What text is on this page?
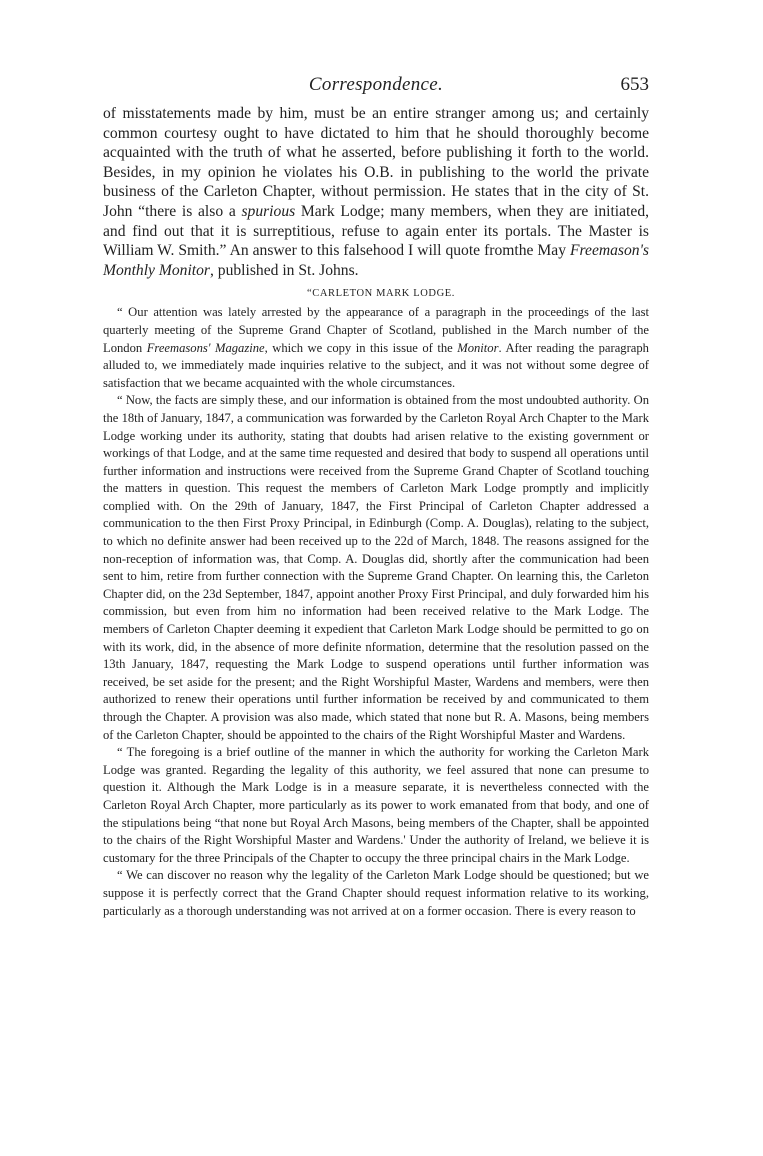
Correspondence.	653

of misstatements made by him, must be an entire stranger among us; and certainly common courtesy ought to have dictated to him that he should thoroughly become acquainted with the truth of what he asserted, before publishing it forth to the world. Besides, in my opinion he violates his O.B. in publishing to the world the private business of the Carleton Chapter, without permission. He states that in the city of St. John “there is also a spurious Mark Lodge; many members, when they are initiated, and find out that it is surreptitious, refuse to again enter its portals. The Master is William W. Smith.” An answer to this falsehood I will quote fromthe May Freemason's Monthly Monitor, published in St. Johns.

“CARLETON MARK LODGE.

“ Our attention was lately arrested by the appearance of a paragraph in the proceedings of the last quarterly meeting of the Supreme Grand Chapter of Scotland, published in the March number of the London Freemasons' Magazine, which we copy in this issue of the Monitor. After reading the paragraph alluded to, we immediately made inquiries relative to the subject, and it was not without some degree of satisfaction that we became acquainted with the whole circumstances.

“ Now, the facts are simply these, and our information is obtained from the most undoubted authority. On the 18th of January, 1847, a communication was forwarded by the Carleton Royal Arch Chapter to the Mark Lodge working under its authority, stating that doubts had arisen relative to the existing government or workings of that Lodge, and at the same time requested and desired that body to suspend all operations until further information and instructions were received from the Supreme Grand Chapter of Scotland touching the matters in question. This request the members of Carleton Mark Lodge promptly and implicitly complied with. On the 29th of January, 1847, the First Principal of Carleton Chapter addressed a communication to the then First Proxy Principal, in Edinburgh (Comp. A. Douglas), relating to the subject, to which no definite answer had been received up to the 22d of March, 1848. The reasons assigned for the non-reception of information was, that Comp. A. Douglas did, shortly after the communication had been sent to him, retire from further connection with the Supreme Grand Chapter. On learning this, the Carleton Chapter did, on the 23d September, 1847, appoint another Proxy First Principal, and duly forwarded him his commission, but even from him no information had been received relative to the Mark Lodge. The members of Carleton Chapter deeming it expedient that Carleton Mark Lodge should be permitted to go on with its work, did, in the absence of more definite nformation, determine that the resolution passed on the 13th January, 1847, requesting the Mark Lodge to suspend operations until further information was received, be set aside for the present; and the Right Worshipful Master, Wardens and members, were then authorized to renew their operations until further information be received by and communicated to them through the Chapter. A provision was also made, which stated that none but R. A. Masons, being members of the Carleton Chapter, should be appointed to the chairs of the Right Worshipful Master and Wardens.

“ The foregoing is a brief outline of the manner in which the authority for working the Carleton Mark Lodge was granted. Regarding the legality of this authority, we feel assured that none can presume to question it. Although the Mark Lodge is in a measure separate, it is nevertheless connected with the Carleton Royal Arch Chapter, more particularly as its power to work emanated from that body, and one of the stipulations being “that none but Royal Arch Masons, being members of the Chapter, shall be appointed to the chairs of the Right Worshipful Master and Wardens.' Under the authority of Ireland, we believe it is customary for the three Principals of the Chapter to occupy the three principal chairs in the Mark Lodge.

“ We can discover no reason why the legality of the Carleton Mark Lodge should be questioned; but we suppose it is perfectly correct that the Grand Chapter should request information relative to its working, particularly as a thorough understanding was not arrived at on a former occasion. There is every reason to
